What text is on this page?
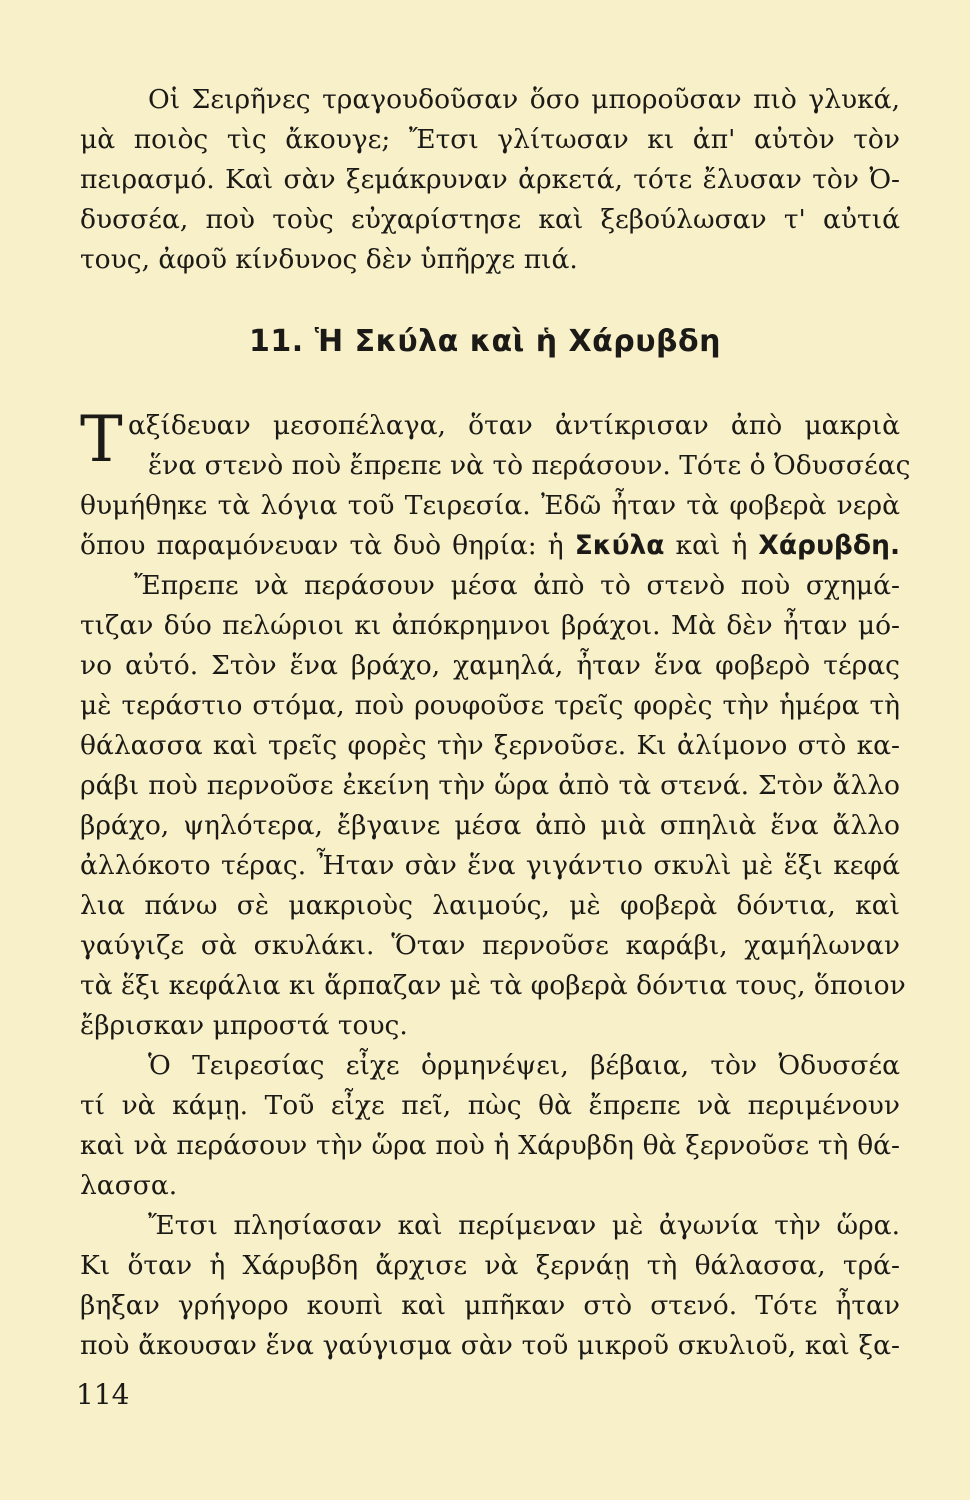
Οἱ Σειρῆνες τραγουδοῦσαν ὅσο μποροῦσαν πιὸ γλυκά,
μὰ ποιὸς τὶς ἄκουγε; Ἔτσι γλίτωσαν κι ἀπ' αὐτὸν τὸν
πειρασμό. Καὶ σὰν ξεμάκρυναν ἀρκετά, τότε ἔλυσαν τὸν Ὀ-
δυσσέα, ποὺ τοὺς εὐχαρίστησε καὶ ξεβούλωσαν τ' αὐτιά
τους, ἀφοῦ κίνδυνος δὲν ὑπῆρχε πιά.
11. Ἡ Σκύλα καὶ ἡ Χάρυβδη
Τ αξίδευαν μεσοπέλαγα, ὅταν ἀντίκρισαν ἀπὸ μακριὰ
ἕνα στενὸ ποὺ ἔπρεπε νὰ τὸ περάσουν. Τότε ὁ Ὀδυσσέας
θυμήθηκε τὰ λόγια τοῦ Τειρεσία. Ἐδῶ ἦταν τὰ φοβερὰ νερὰ
ὅπου παραμόνευαν τὰ δυὸ θηρία: ἡ Σκύλα καὶ ἡ Χάρυβδη.
Ἔπρεπε νὰ περάσουν μέσα ἀπὸ τὸ στενὸ ποὺ σχημά-
τιζαν δύο πελώριοι κι ἀπόκρημνοι βράχοι. Μὰ δὲν ἦταν μό-
νο αὐτό. Στὸν ἕνα βράχο, χαμηλά, ἦταν ἕνα φοβερὸ τέρας
μὲ τεράστιο στόμα, ποὺ ρουφοῦσε τρεῖς φορὲς τὴν ἡμέρα τὴ
θάλασσα καὶ τρεῖς φορὲς τὴν ξερνοῦσε. Κι ἀλίμονο στὸ κα-
ράβι ποὺ περνοῦσε ἐκείνη τὴν ὥρα ἀπὸ τὰ στενά. Στὸν ἄλλο
βράχο, ψηλότερα, ἔβγαινε μέσα ἀπὸ μιὰ σπηλιὰ ἕνα ἄλλο
ἀλλόκοτο τέρας. Ἦταν σὰν ἕνα γιγάντιο σκυλὶ μὲ ἕξι κεφά
λια πάνω σὲ μακριοὺς λαιμούς, μὲ φοβερὰ δόντια, καὶ
γαύγιζε σὰ σκυλάκι. Ὅταν περνοῦσε καράβι, χαμήλωναν
τὰ ἕξι κεφάλια κι ἅρπαζαν μὲ τὰ φοβερὰ δόντια τους, ὅποιον
ἔβρισκαν μπροστά τους.
Ὁ Τειρεσίας εἶχε ὁρμηνέψει, βέβαια, τὸν Ὀδυσσέα
τί νὰ κάμῃ. Τοῦ εἶχε πεῖ, πὼς θὰ ἔπρεπε νὰ περιμένουν
καὶ νὰ περάσουν τὴν ὥρα ποὺ ἡ Χάρυβδη θὰ ξερνοῦσε τὴ θά-
λασσα.
Ἔτσι πλησίασαν καὶ περίμεναν μὲ ἀγωνία τὴν ὥρα.
Κι ὅταν ἡ Χάρυβδη ἄρχισε νὰ ξερνάῃ τὴ θάλασσα, τρά-
βηξαν γρήγορο κουπὶ καὶ μπῆκαν στὸ στενό. Τότε ἦταν
ποὺ ἄκουσαν ἕνα γαύγισμα σὰν τοῦ μικροῦ σκυλιοῦ, καὶ ξα-
114
